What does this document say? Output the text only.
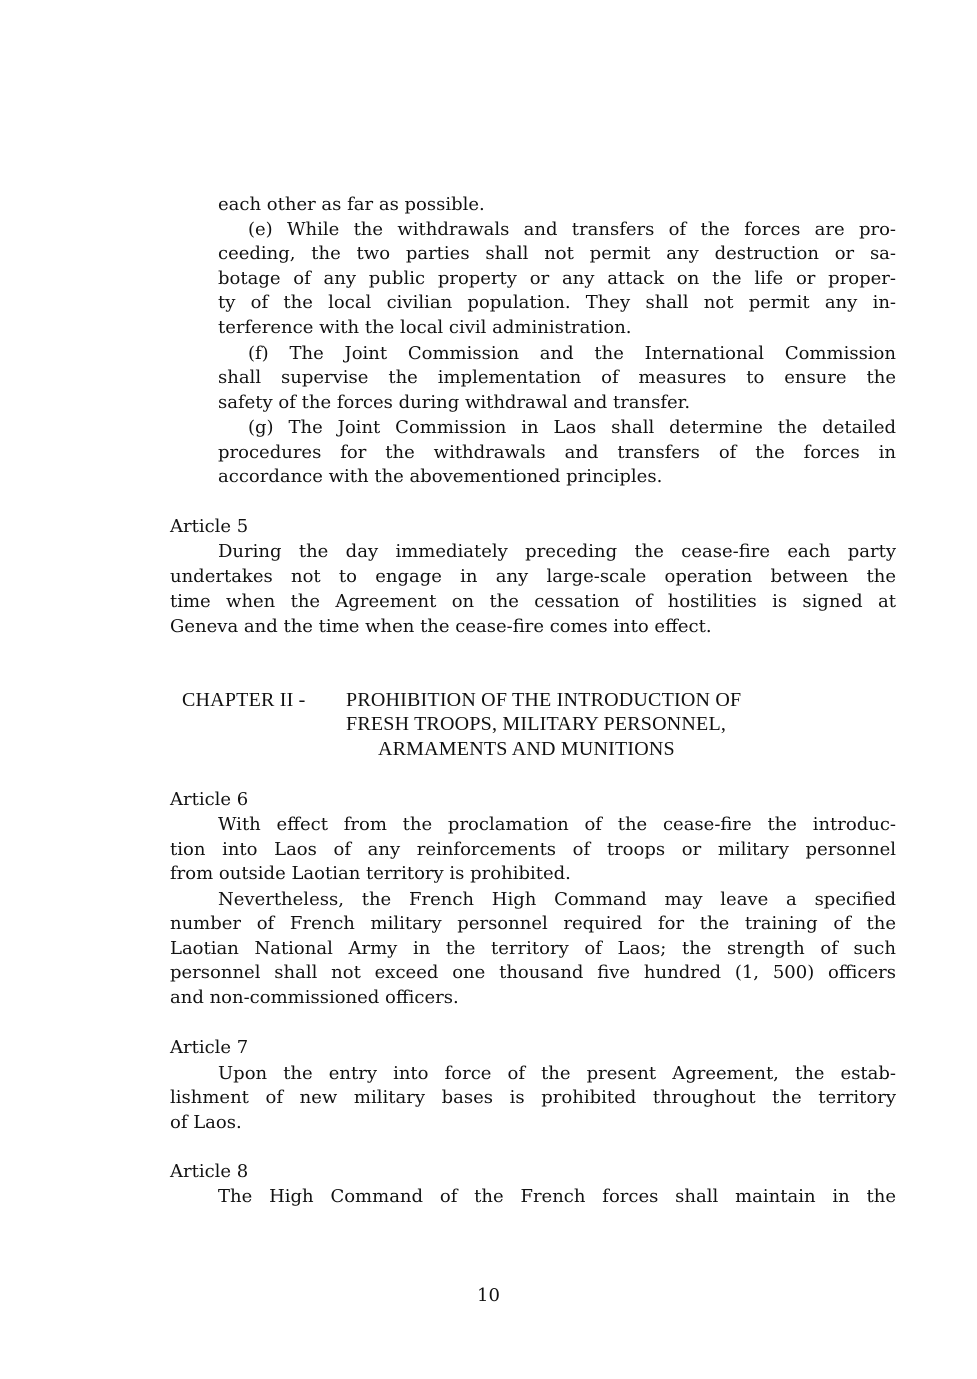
each other as far as possible.
(e) While the withdrawals and transfers of the forces are pro-
ceeding, the two parties shall not permit any destruction or sa-
botage of any public property or any attack on the life or proper-
ty of the local civilian population. They shall not permit any in-
terference with the local civil administration.
(f) The Joint Commission and the International Commission
shall supervise the implementation of measures to ensure the
safety of the forces during withdrawal and transfer.
(g) The Joint Commission in Laos shall determine the detailed
procedures for the withdrawals and transfers of the forces in
accordance with the abovementioned principles.
Article 5
During the day immediately preceding the cease-fire each party
undertakes not to engage in any large-scale operation between the
time when the Agreement on the cessation of hostilities is signed at
Geneva and the time when the cease-fire comes into effect.
CHAPTER II - PROHIBITION OF THE INTRODUCTION OF
FRESH TROOPS, MILITARY PERSONNEL,
ARMAMENTS AND MUNITIONS
Article 6
With effect from the proclamation of the cease-fire the introduc-
tion into Laos of any reinforcements of troops or military personnel
from outside Laotian territory is prohibited.
Nevertheless, the French High Command may leave a specified
number of French military personnel required for the training of the
Laotian National Army in the territory of Laos; the strength of such
personnel shall not exceed one thousand five hundred (1, 500) officers
and non-commissioned officers.
Article 7
Upon the entry into force of the present Agreement, the estab-
lishment of new military bases is prohibited throughout the territory
of Laos.
Article 8
The High Command of the French forces shall maintain in the
10
